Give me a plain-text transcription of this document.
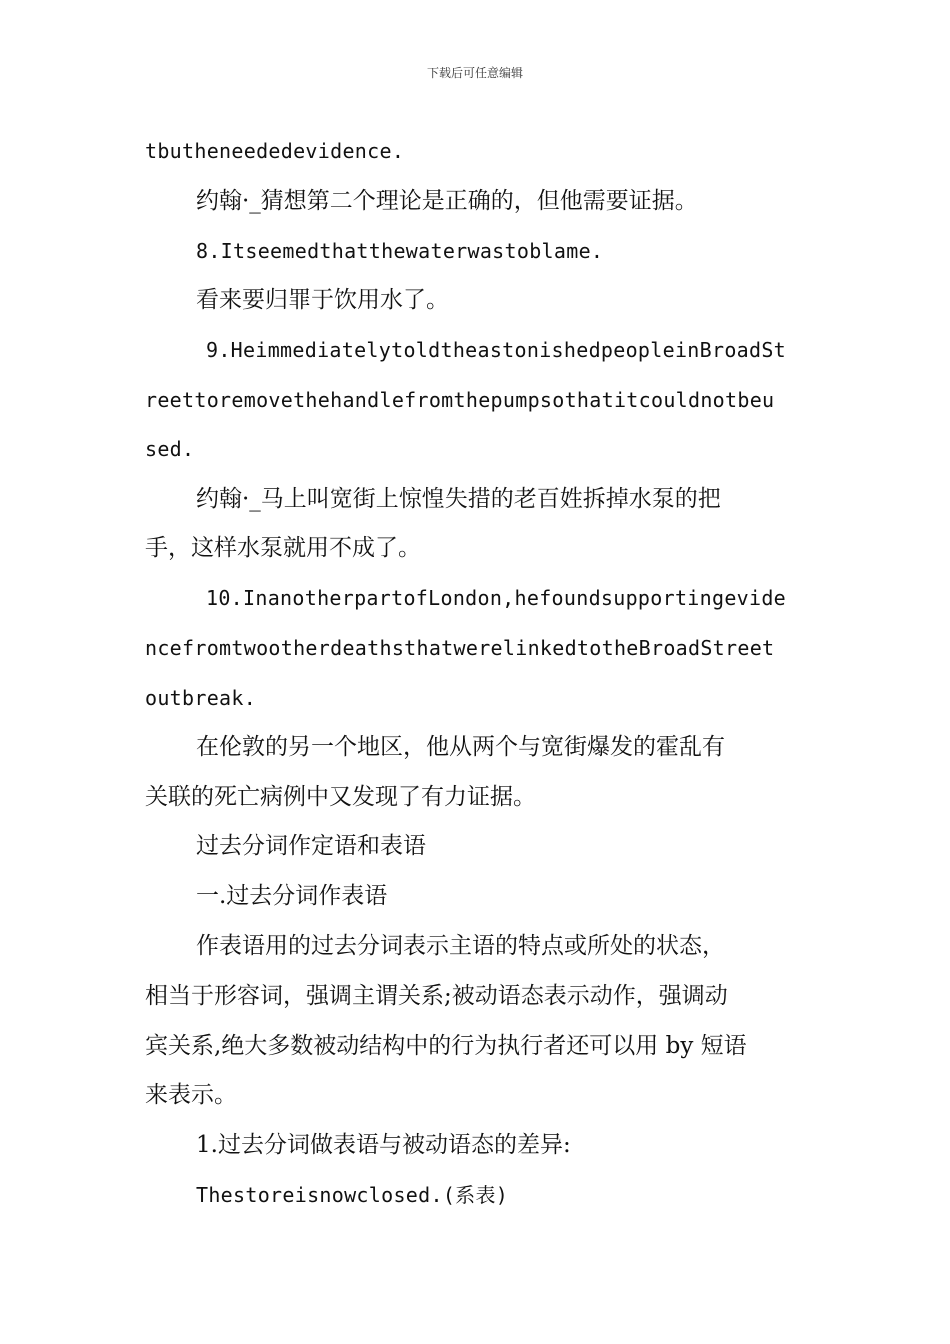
下载后可任意编辑
tbutheneededevidence.
约翰·_猜想第二个理论是正确的，但他需要证据。
8.Itseemedthatthewaterwastoblame.
看来要归罪于饮用水了。
9.HeimmediatelytoldtheastonishedpeopleinBroadSt
reettoremovethehandlefromthepumpsothatitcouldnotbeu
sed.
约翰·_马上叫宽街上惊惶失措的老百姓拆掉水泵的把
手，这样水泵就用不成了。
10.InanotherpartofLondon,hefoundsupportingevide
ncefromtwootherdeathsthatwerelinkedtotheBroadStreet
outbreak.
在伦敦的另一个地区，他从两个与宽街爆发的霍乱有
关联的死亡病例中又发现了有力证据。
过去分词作定语和表语
一.过去分词作表语
作表语用的过去分词表示主语的特点或所处的状态，
相当于形容词，强调主谓关系;被动语态表示动作，强调动
宾关系,绝大多数被动结构中的行为执行者还可以用 by 短语
来表示。
1.过去分词做表语与被动语态的差异:
Thestoreisnowclosed.(系表)
